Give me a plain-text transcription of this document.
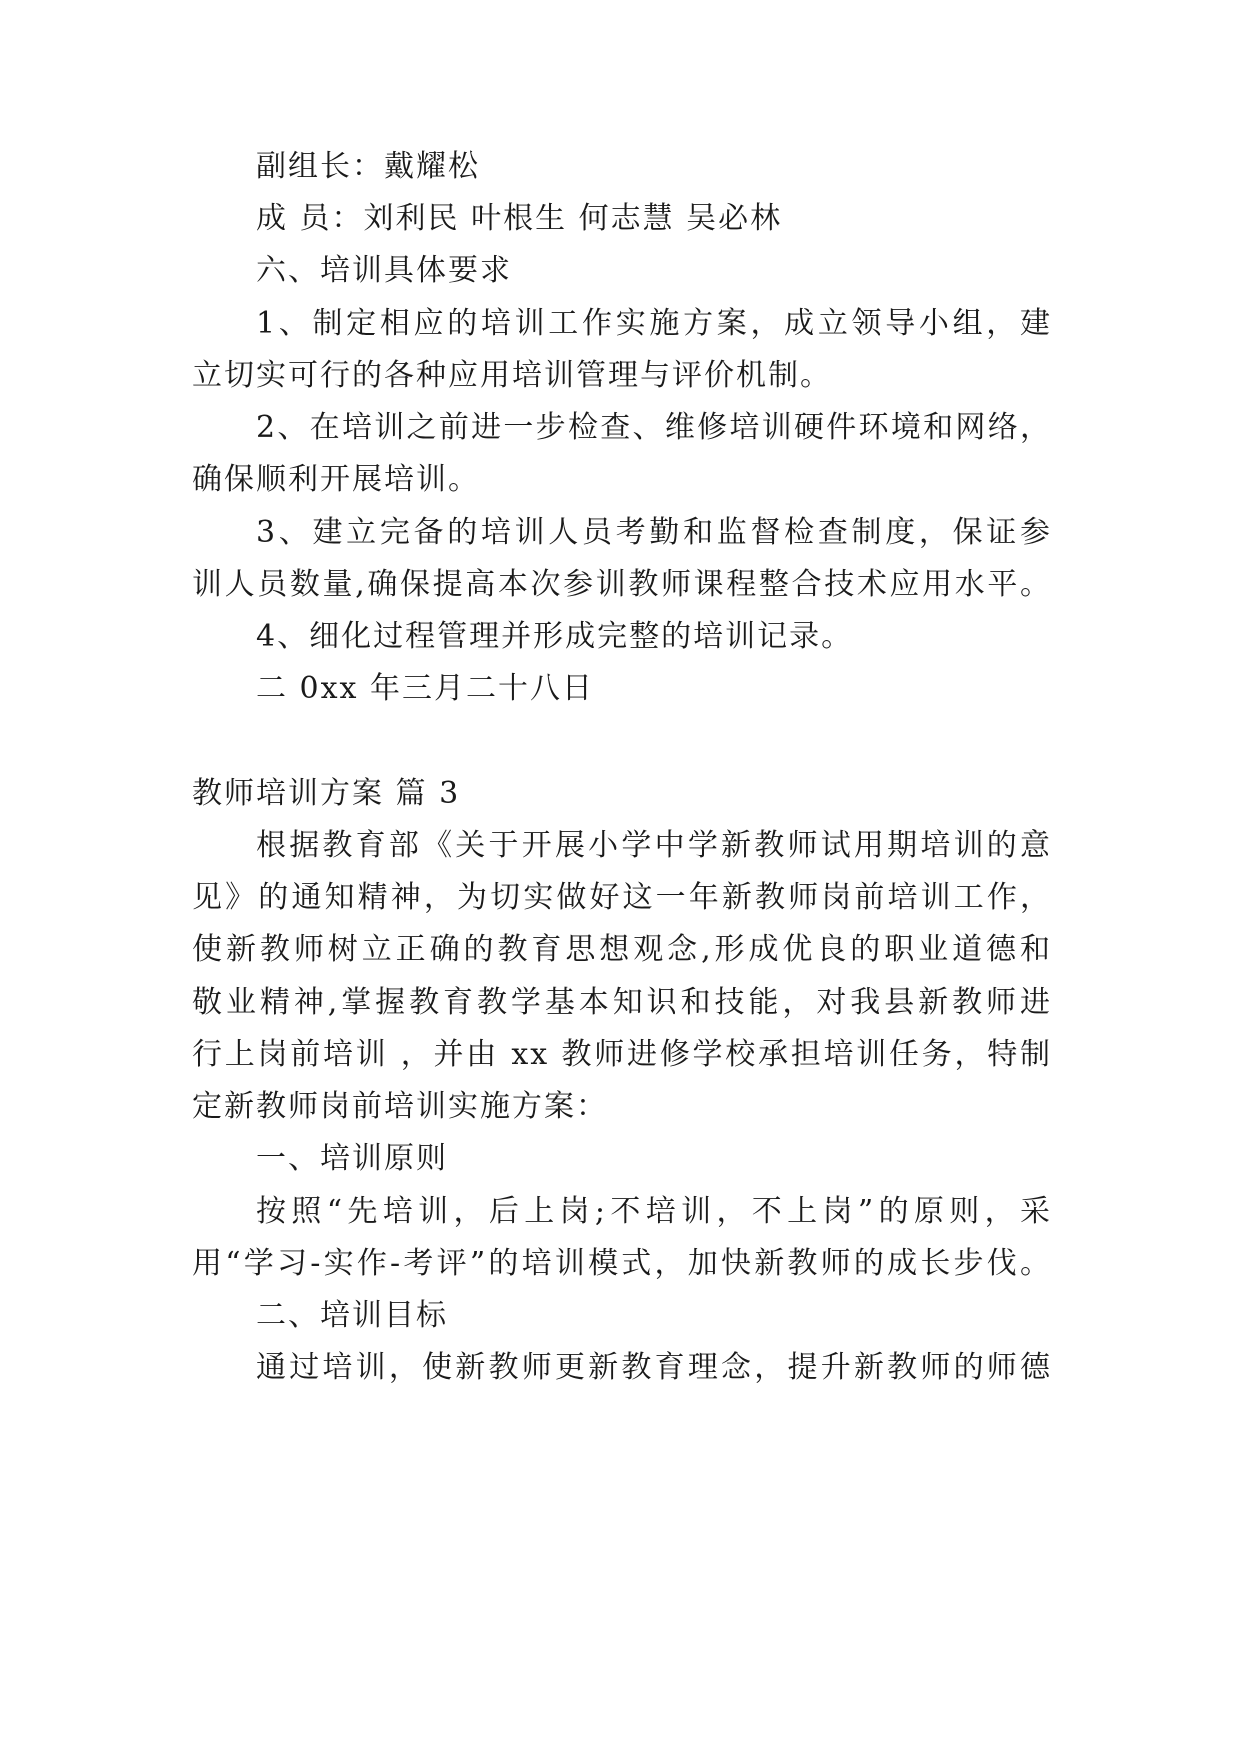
副组长：戴耀松
成 员：刘利民 叶根生 何志慧 吴必林
六、培训具体要求
1、制定相应的培训工作实施方案，成立领导小组，建
立切实可行的各种应用培训管理与评价机制。
2、在培训之前进一步检查、维修培训硬件环境和网络，
确保顺利开展培训。
3、建立完备的培训人员考勤和监督检查制度，保证参
训人员数量,确保提高本次参训教师课程整合技术应用水平。
4、细化过程管理并形成完整的培训记录。
二 0xx 年三月二十八日
教师培训方案 篇 3
根据教育部《关于开展小学中学新教师试用期培训的意
见》的通知精神，为切实做好这一年新教师岗前培训工作，
使新教师树立正确的教育思想观念,形成优良的职业道德和
敬业精神,掌握教育教学基本知识和技能，对我县新教师进
行上岗前培训 ，并由 xx 教师进修学校承担培训任务，特制
定新教师岗前培训实施方案：
一、培训原则
按照“先培训，后上岗;不培训，不上岗”的原则，采
用“学习-实作-考评”的培训模式，加快新教师的成长步伐。
二、培训目标
通过培训，使新教师更新教育理念，提升新教师的师德
